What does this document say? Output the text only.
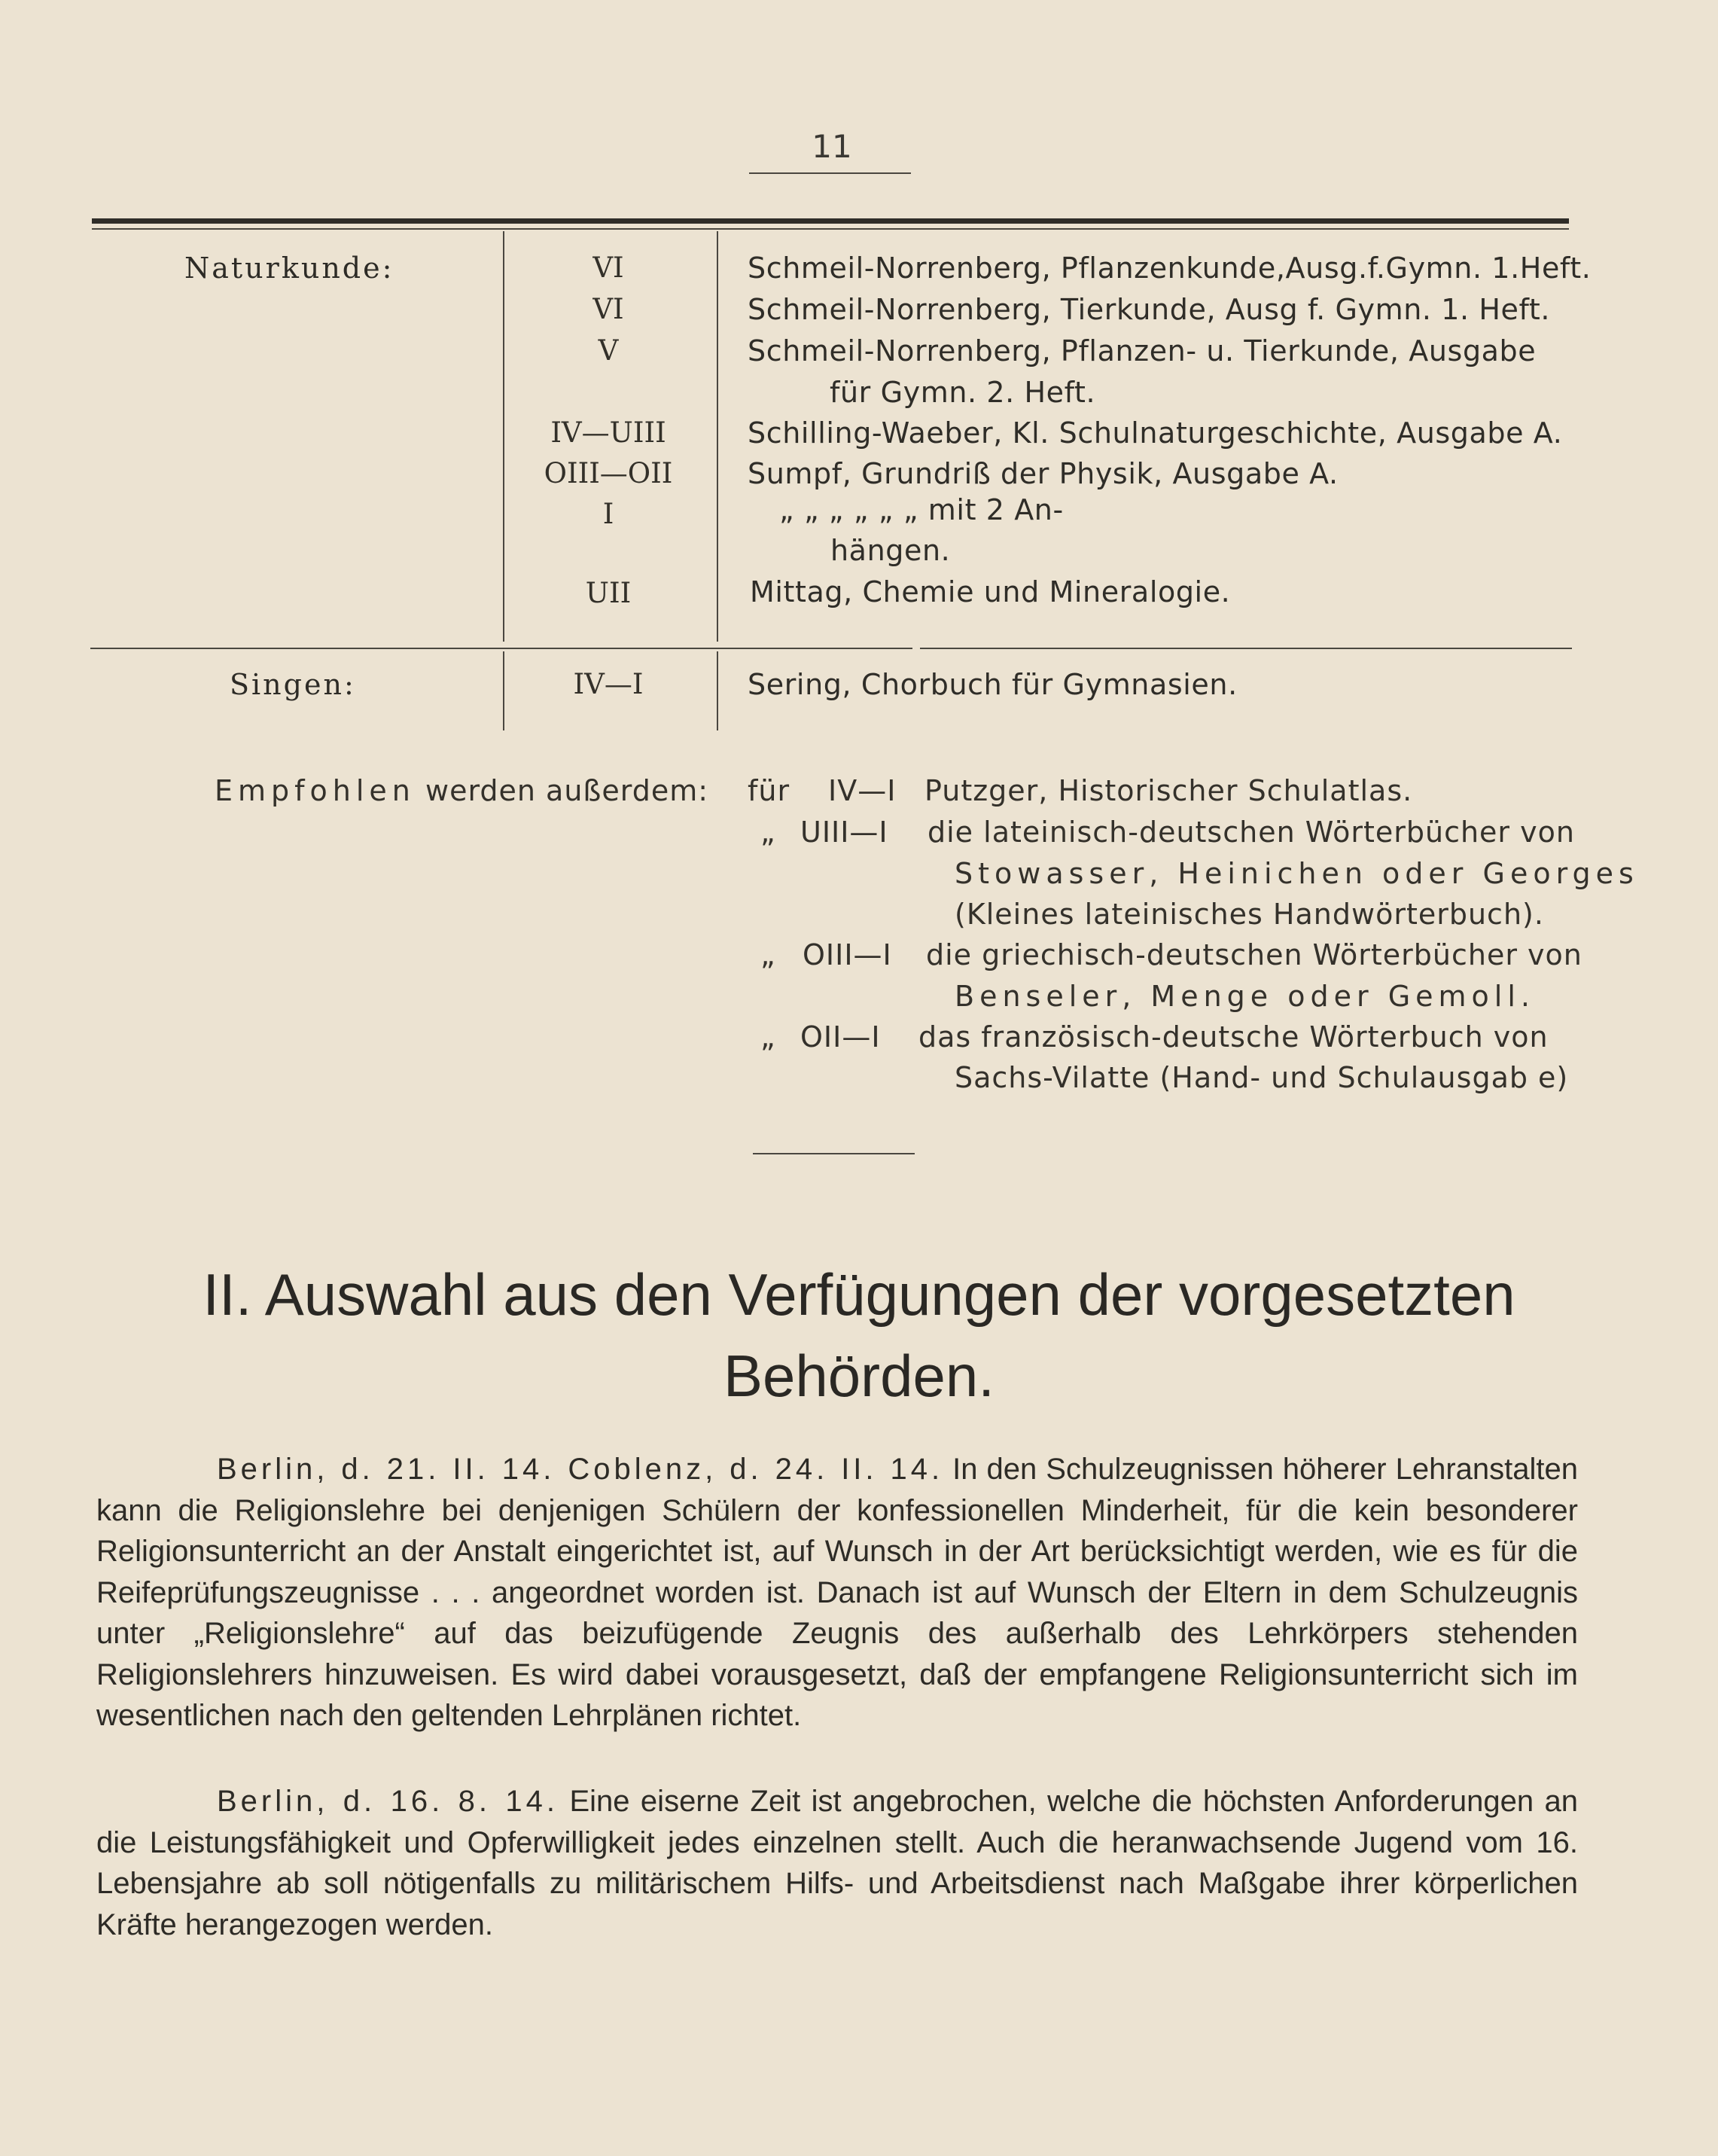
11
Naturkunde:	VI	Schmeil-Norrenberg, Pflanzenkunde,Ausg.f.Gymn. 1.Heft.
VI	Schmeil-Norrenberg, Tierkunde, Ausg f. Gymn. 1. Heft.
V	Schmeil-Norrenberg, Pflanzen- u. Tierkunde, Ausgabe
für Gymn. 2. Heft.
IV—UIII	Schilling-Waeber, Kl. Schulnaturgeschichte, Ausgabe A.
OIII—OII	Sumpf, Grundriß der Physik, Ausgabe A.
I	„ „ „ „ „ „ mit 2 An-
hängen.
UII	Mittag, Chemie und Mineralogie.
Singen:	IV—I	Sering, Chorbuch für Gymnasien.
Empfohlen werden außerdem: für IV—I Putzger, Historischer Schulatlas.
„ UIII—I die lateinisch-deutschen Wörterbücher von
Stowasser, Heinichen oder Georges
(Kleines lateinisches Handwörterbuch).
„ OIII—I die griechisch-deutschen Wörterbücher von
Benseler, Menge oder Gemoll.
„ OII—I das französisch-deutsche Wörterbuch von
Sachs-Vilatte (Hand- und Schulausgab e)
II. Auswahl aus den Verfügungen der vorgesetzten
Behörden.
Berlin, d. 21. II. 14. Coblenz, d. 24. II. 14. In den Schulzeugnissen höherer Lehranstalten kann die Religionslehre bei denjenigen Schülern der konfessionellen Minderheit, für die kein besonderer Religionsunterricht an der Anstalt eingerichtet ist, auf Wunsch in der Art berücksichtigt werden, wie es für die Reifeprüfungszeugnisse . . . angeordnet worden ist. Danach ist auf Wunsch der Eltern in dem Schulzeugnis unter „Religionslehre“ auf das beizufügende Zeugnis des außerhalb des Lehrkörpers stehenden Religionslehrers hinzuweisen. Es wird dabei vorausgesetzt, daß der empfangene Religionsunterricht sich im wesentlichen nach den geltenden Lehrplänen richtet.
Berlin, d. 16. 8. 14. Eine eiserne Zeit ist angebrochen, welche die höchsten Anforderungen an die Leistungsfähigkeit und Opferwilligkeit jedes einzelnen stellt. Auch die heranwachsende Jugend vom 16. Lebensjahre ab soll nötigenfalls zu militärischem Hilfs- und Arbeitsdienst nach Maßgabe ihrer körperlichen Kräfte herangezogen werden.
